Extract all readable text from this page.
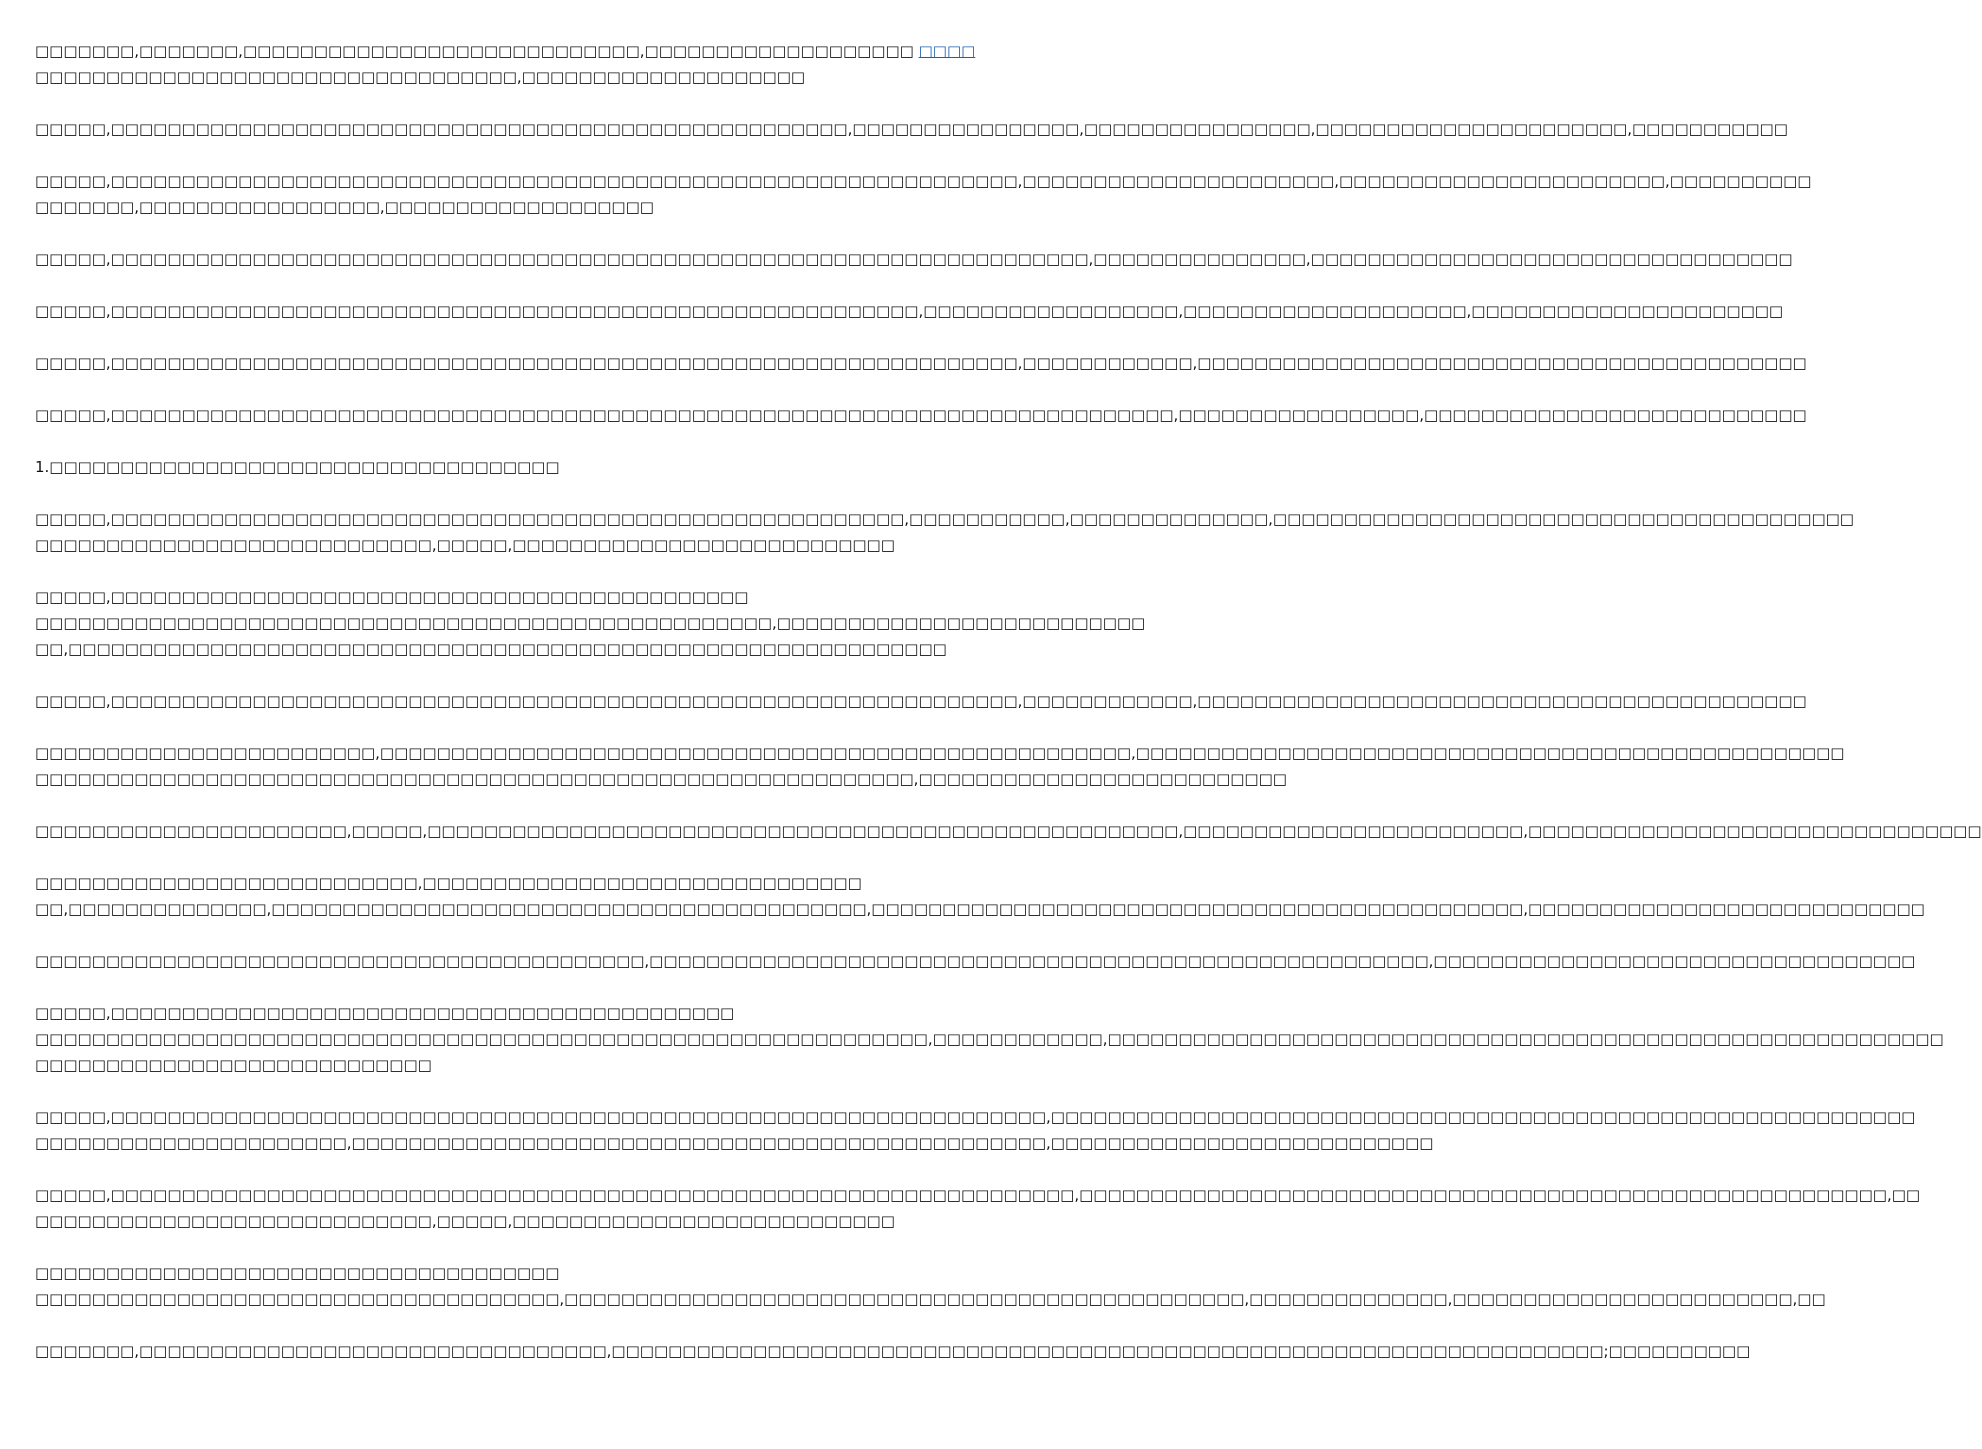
□□□□□□□,□□□□□□□,□□□□□□□□□□□□□□□□□□□□□□□□□□□□,□□□□□□□□□□□□□□□□□□□ □□□□
□□□□□□□□□□□□□□□□□□□□□□□□□□□□□□□□□□,□□□□□□□□□□□□□□□□□□□□

□□□□□,□□□□□□□□□□□□□□□□□□□□□□□□□□□□□□□□□□□□□□□□□□□□□□□□□□□□,□□□□□□□□□□□□□□□□,□□□□□□□□□□□□□□□□,□□□□□□□□□□□□□□□□□□□□□□,□□□□□□□□□□□

□□□□□,□□□□□□□□□□□□□□□□□□□□□□□□□□□□□□□□□□□□□□□□□□□□□□□□□□□□□□□□□□□□□□□□,□□□□□□□□□□□□□□□□□□□□□□,□□□□□□□□□□□□□□□□□□□□□□□,□□□□□□□□□□
□□□□□□□,□□□□□□□□□□□□□□□□□,□□□□□□□□□□□□□□□□□□□

□□□□□,□□□□□□□□□□□□□□□□□□□□□□□□□□□□□□□□□□□□□□□□□□□□□□□□□□□□□□□□□□□□□□□□□□□□□,□□□□□□□□□□□□□□□,□□□□□□□□□□□□□□□□□□□□□□□□□□□□□□□□□□

□□□□□,□□□□□□□□□□□□□□□□□□□□□□□□□□□□□□□□□□□□□□□□□□□□□□□□□□□□□□□□□,□□□□□□□□□□□□□□□□□□,□□□□□□□□□□□□□□□□□□□□,□□□□□□□□□□□□□□□□□□□□□□

□□□□□,□□□□□□□□□□□□□□□□□□□□□□□□□□□□□□□□□□□□□□□□□□□□□□□□□□□□□□□□□□□□□□□□,□□□□□□□□□□□□,□□□□□□□□□□□□□□□□□□□□□□□□□□□□□□□□□□□□□□□□□□□

□□□□□,□□□□□□□□□□□□□□□□□□□□□□□□□□□□□□□□□□□□□□□□□□□□□□□□□□□□□□□□□□□□□□□□□□□□□□□□□□□,□□□□□□□□□□□□□□□□□,□□□□□□□□□□□□□□□□□□□□□□□□□□□

1.□□□□□□□□□□□□□□□□□□□□□□□□□□□□□□□□□□□□

□□□□□,□□□□□□□□□□□□□□□□□□□□□□□□□□□□□□□□□□□□□□□□□□□□□□□□□□□□□□□□,□□□□□□□□□□□,□□□□□□□□□□□□□□,□□□□□□□□□□□□□□□□□□□□□□□□□□□□□□□□□□□□□□□□□
□□□□□□□□□□□□□□□□□□□□□□□□□□□□,□□□□□,□□□□□□□□□□□□□□□□□□□□□□□□□□□

□□□□□,□□□□□□□□□□□□□□□□□□□□□□□□□□□□□□□□□□□□□□□□□□□□□
□□□□□□□□□□□□□□□□□□□□□□□□□□□□□□□□□□□□□□□□□□□□□□□□□□□□,□□□□□□□□□□□□□□□□□□□□□□□□□□
□□,□□□□□□□□□□□□□□□□□□□□□□□□□□□□□□□□□□□□□□□□□□□□□□□□□□□□□□□□□□□□□□

□□□□□,□□□□□□□□□□□□□□□□□□□□□□□□□□□□□□□□□□□□□□□□□□□□□□□□□□□□□□□□□□□□□□□□,□□□□□□□□□□□□,□□□□□□□□□□□□□□□□□□□□□□□□□□□□□□□□□□□□□□□□□□□

□□□□□□□□□□□□□□□□□□□□□□□□,□□□□□□□□□□□□□□□□□□□□□□□□□□□□□□□□□□□□□□□□□□□□□□□□□□□□□,□□□□□□□□□□□□□□□□□□□□□□□□□□□□□□□□□□□□□□□□□□□□□□□□□□
□□□□□□□□□□□□□□□□□□□□□□□□□□□□□□□□□□□□□□□□□□□□□□□□□□□□□□□□□□□□□□,□□□□□□□□□□□□□□□□□□□□□□□□□□

□□□□□□□□□□□□□□□□□□□□□□,□□□□□,□□□□□□□□□□□□□□□□□□□□□□□□□□□□□□□□□□□□□□□□□□□□□□□□□□□□□,□□□□□□□□□□□□□□□□□□□□□□□□,□□□□□□□□□□□□□□□□□□□□□□□□□□□□□□□□

□□□□□□□□□□□□□□□□□□□□□□□□□□□,□□□□□□□□□□□□□□□□□□□□□□□□□□□□□□□
□□,□□□□□□□□□□□□□□,□□□□□□□□□□□□□□□□□□□□□□□□□□□□□□□□□□□□□□□□□□,□□□□□□□□□□□□□□□□□□□□□□□□□□□□□□□□□□□□□□□□□□□□□□,□□□□□□□□□□□□□□□□□□□□□□□□□□□□

□□□□□□□□□□□□□□□□□□□□□□□□□□□□□□□□□□□□□□□□□□□,□□□□□□□□□□□□□□□□□□□□□□□□□□□□□□□□□□□□□□□□□□□□□□□□□□□□□□□,□□□□□□□□□□□□□□□□□□□□□□□□□□□□□□□□□□

□□□□□,□□□□□□□□□□□□□□□□□□□□□□□□□□□□□□□□□□□□□□□□□□□□
□□□□□□□□□□□□□□□□□□□□□□□□□□□□□□□□□□□□□□□□□□□□□□□□□□□□□□□□□□□□□□□,□□□□□□□□□□□□,□□□□□□□□□□□□□□□□□□□□□□□□□□□□□□□□□□□□□□□□□□□□□□□□□□□□□□□□□□□
□□□□□□□□□□□□□□□□□□□□□□□□□□□□

□□□□□,□□□□□□□□□□□□□□□□□□□□□□□□□□□□□□□□□□□□□□□□□□□□□□□□□□□□□□□□□□□□□□□□□□,□□□□□□□□□□□□□□□□□□□□□□□□□□□□□□□□□□□□□□□□□□□□□□□□□□□□□□□□□□□□□
□□□□□□□□□□□□□□□□□□□□□□,□□□□□□□□□□□□□□□□□□□□□□□□□□□□□□□□□□□□□□□□□□□□□□□□□,□□□□□□□□□□□□□□□□□□□□□□□□□□□

□□□□□,□□□□□□□□□□□□□□□□□□□□□□□□□□□□□□□□□□□□□□□□□□□□□□□□□□□□□□□□□□□□□□□□□□□□,□□□□□□□□□□□□□□□□□□□□□□□□□□□□□□□□□□□□□□□□□□□□□□□□□□□□□□□□□,□□
□□□□□□□□□□□□□□□□□□□□□□□□□□□□,□□□□□,□□□□□□□□□□□□□□□□□□□□□□□□□□□

□□□□□□□□□□□□□□□□□□□□□□□□□□□□□□□□□□□□□
□□□□□□□□□□□□□□□□□□□□□□□□□□□□□□□□□□□□□,□□□□□□□□□□□□□□□□□□□□□□□□□□□□□□□□□□□□□□□□□□□□□□□□,□□□□□□□□□□□□□□,□□□□□□□□□□□□□□□□□□□□□□□□,□□

□□□□□□□,□□□□□□□□□□□□□□□□□□□□□□□□□□□□□□□□□,□□□□□□□□□□□□□□□□□□□□□□□□□□□□□□□□□□□□□□□□□□□□□□□□□□□□□□□□□□□□□□□□□□□□□□;□□□□□□□□□□
